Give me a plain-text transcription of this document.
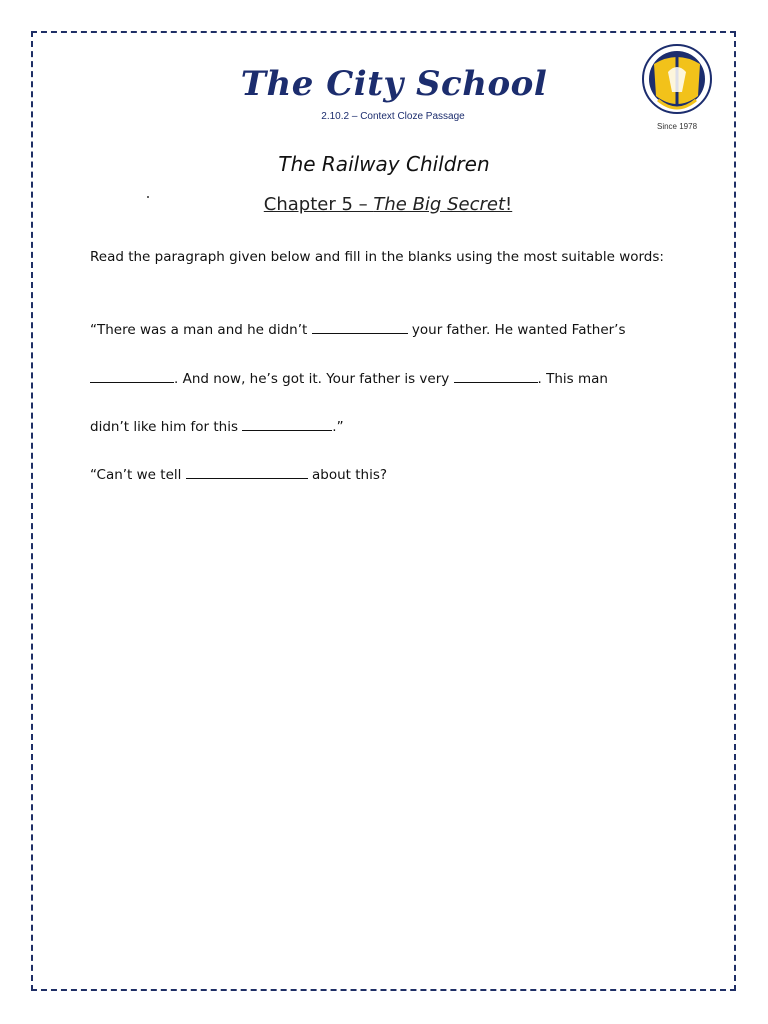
The City School
2.10.2 – Context Cloze Passage
Since 1978
The Railway Children
Chapter 5 – The Big Secret!
Read the paragraph given below and fill in the blanks using the most suitable words:
“There was a man and he didn’t	your father. He wanted Father’s
. And now, he’s got it. Your father is very	. This man
didn’t like him for this	.”
“Can’t we tell	about this?
